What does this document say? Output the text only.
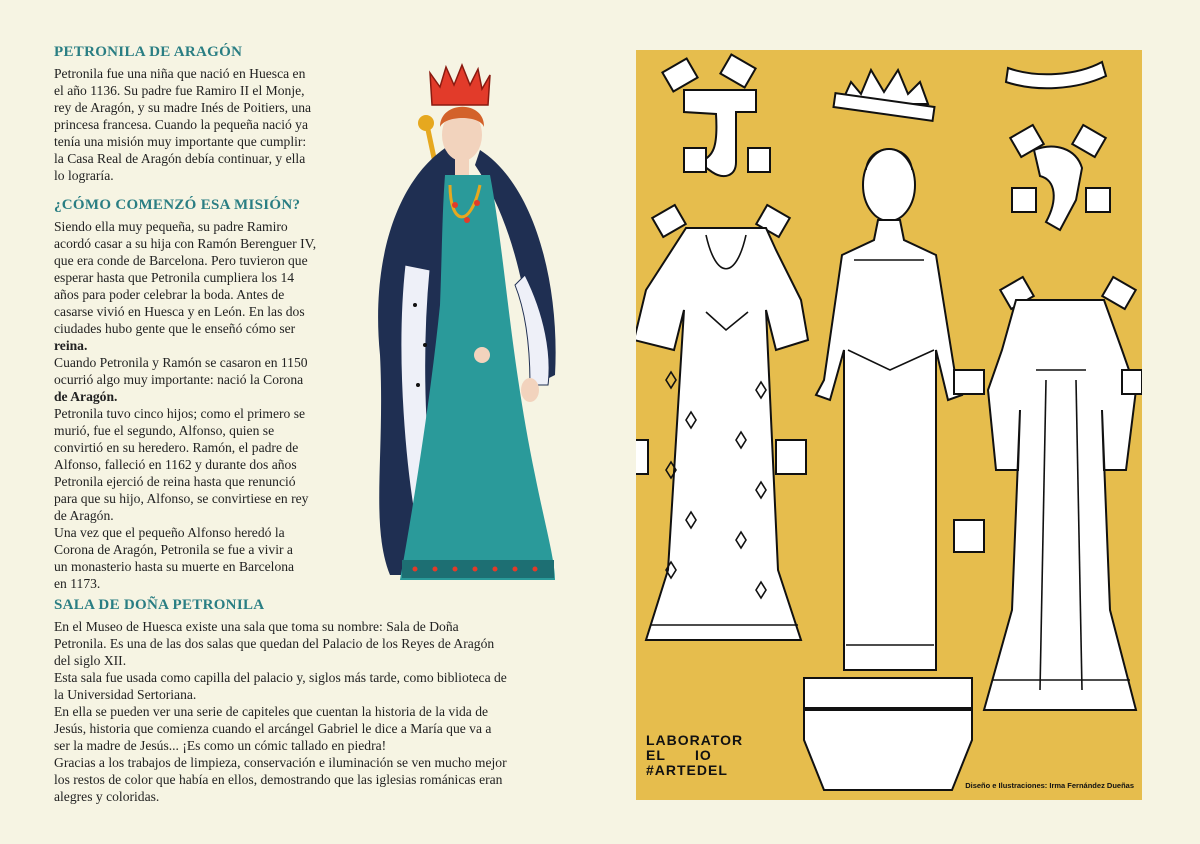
PETRONILA DE ARAGÓN

Petronila fue una niña que nació en Huesca en

el año 1136. Su padre fue Ramiro II el Monje,

rey de Aragón, y su madre Inés de Poitiers, una

princesa francesa. Cuando la pequeña nació ya

tenía una misión muy importante que cumplir:

la Casa Real de Aragón debía continuar, y ella

lo lograría.

¿CÓMO COMENZÓ ESA MISIÓN?

Siendo ella muy pequeña, su padre Ramiro

acordó casar a su hija con Ramón Berenguer IV,

que era conde de Barcelona. Pero tuvieron que

esperar hasta que Petronila cumpliera los 14

años para poder celebrar la boda. Antes de

casarse vivió en Huesca y en León. En las dos

ciudades hubo gente que le enseñó cómo ser

reina.

Cuando Petronila y Ramón se casaron en 1150

ocurrió algo muy importante: nació la Corona

de Aragón.

Petronila tuvo cinco hijos; como el primero se

murió, fue el segundo, Alfonso, quien se

convirtió en su heredero. Ramón, el padre de

Alfonso, falleció en 1162 y durante dos años

Petronila ejerció de reina hasta que renunció

para que su hijo, Alfonso, se convirtiese en rey

de Aragón.

Una vez que el pequeño Alfonso heredó la

Corona de Aragón, Petronila se fue a vivir a

un monasterio hasta su muerte en Barcelona

en 1173.

SALA DE DOÑA PETRONILA

En el Museo de Huesca existe una sala que toma su nombre: Sala de Doña

Petronila. Es una de las dos salas que quedan del Palacio de los Reyes de Aragón

del siglo XII.

Esta sala fue usada como capilla del palacio y, siglos más tarde, como biblioteca de

la Universidad Sertoriana.

En ella se pueden ver una serie de capiteles que cuentan la historia de la vida de

Jesús, historia que comienza cuando el arcángel Gabriel le dice a María que va a

ser la madre de Jesús... ¡Es como un cómic tallado en piedra!

Gracias a los trabajos de limpieza, conservación e iluminación se ven mucho mejor

los restos de color que había en ellos, demostrando que las iglesias románicas eran

alegres y coloridas.

LABORATOR
EL      IO
#ARTEDEL
Diseño e Ilustraciones: Irma Fernández Dueñas
